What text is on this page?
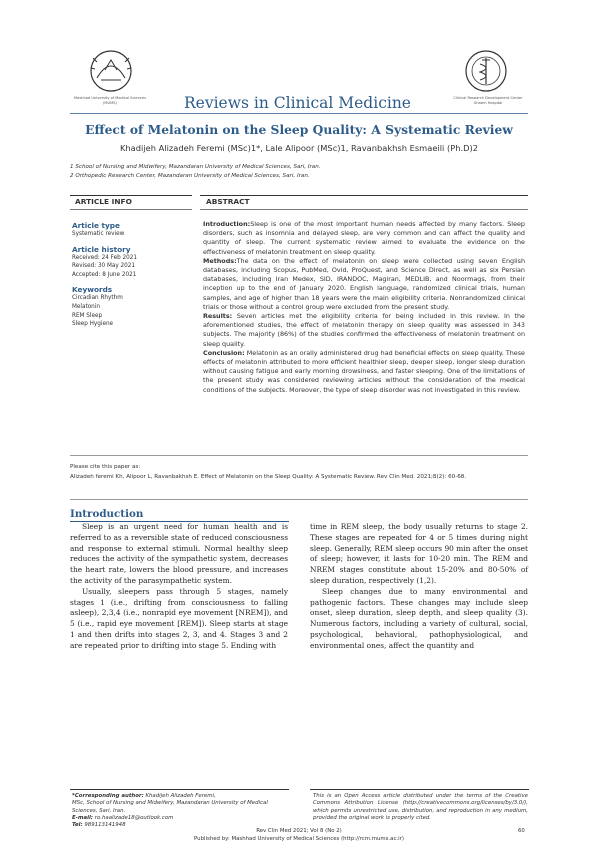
Mashhad University of Medical Sciences (MUMS)	Reviews in Clinical Medicine	Clinical Research Development Center Ghaem Hospital
Effect of Melatonin on the Sleep Quality: A Systematic Review
Khadijeh Alizadeh Feremi (MSc)1*, Lale Alipoor (MSc)1, Ravanbakhsh Esmaeili (Ph.D)2
1 School of Nursing and Midwifery, Mazandaran University of Medical Sciences, Sari, Iran.
2 Orthopedic Research Center, Mazandaran University of Medical Sciences, Sari, Iran.
ARTICLE INFO	ABSTRACT
Article type
Systematic review
Article history
Received: 24 Feb 2021
Revised: 30 May 2021
Accepted: 8 June 2021
Keywords
Circadian Rhythm
Melatonin
REM Sleep
Sleep Hygiene

Introduction:Sleep is one of the most important human needs affected by many factors. Sleep disorders, such as insomnia and delayed sleep, are very common and can affect the quality and quantity of sleep. The current systematic review aimed to evaluate the evidence on the effectiveness of melatonin treatment on sleep quality.

Methods:The data on the effect of melatonin on sleep were collected using seven English databases, including Scopus, PubMed, Ovid, ProQuest, and Science Direct, as well as six Persian databases, including Iran Medex, SID, IRANDOC, Magiran, MEDLIB, and Noormags, from their inception up to the end of January 2020. English language, randomized clinical trials, human samples, and age of higher than 18 years were the main eligibility criteria. Nonrandomized clinical trials or those without a control group were excluded from the present study.

Results: Seven articles met the eligibility criteria for being included in this review. In the aforementioned studies, the effect of melatonin therapy on sleep quality was assessed in 343 subjects. The majority (86%) of the studies confirmed the effectiveness of melatonin treatment on sleep quality.

Conclusion: Melatonin as an orally administered drug had beneficial effects on sleep quality. These effects of melatonin attributed to more efficient healthier sleep, deeper sleep, longer sleep duration without causing fatigue and early morning drowsiness, and faster sleeping. One of the limitations of the present study was considered reviewing articles without the consideration of the medical conditions of the subjects. Moreover, the type of sleep disorder was not investigated in this review.

Please cite this paper as:
Alizadeh feremi Kh, Alipoor L, Ravanbakhsh E. Effect of Melatonin on the Sleep Quality: A Systematic Review. Rev Clin Med. 2021;8(2): 60-68.
Introduction

Sleep is an urgent need for human health and is referred to as a reversible state of reduced consciousness and response to external stimuli. Normal healthy sleep reduces the activity of the sympathetic system, decreases the heart rate, lowers the blood pressure, and increases the activity of the parasympathetic system.

Usually, sleepers pass through 5 stages, namely stages 1 (i.e., drifting from consciousness to falling asleep), 2,3,4 (i.e., nonrapid eye movement [NREM]), and 5 (i.e., rapid eye movement [REM]). Sleep starts at stage 1 and then drifts into stages 2, 3, and 4. Stages 3 and 2 are repeated prior to drifting into stage 5. Ending with

time in REM sleep, the body usually returns to stage 2. These stages are repeated for 4 or 5 times during night sleep. Generally, REM sleep occurs 90 min after the onset of sleep; however, it lasts for 10-20 min. The REM and NREM stages constitute about 15-20% and 80-50% of sleep duration, respectively (1,2).

Sleep changes due to many environmental and pathogenic factors. These changes may include sleep onset, sleep duration, sleep depth, and sleep quality (3). Numerous factors, including a variety of cultural, social, psychological, behavioral, pathophysiological, and environmental ones, affect the quantity and

*Corresponding author: Khadijeh Alizadeh Feremi,
MSc, School of Nursing and Midwifery, Mazandaran University of Medical Sciences, Sari, Iran.
E-mail: ro.haalizade18@outlook.com
Tel: 989113141948
This is an Open Access article distributed under the terms of the Creative Commons Attribution License (http://creativecommons.org/licenses/by/3.0/), which permits unrestricted use, distribution, and reproduction in any medium, provided the original work is properly cited.
Rev Clin Med 2021; Vol 8 (No 2)	60
Published by: Mashhad University of Medical Sciences (http://rcm.mums.ac.ir)
